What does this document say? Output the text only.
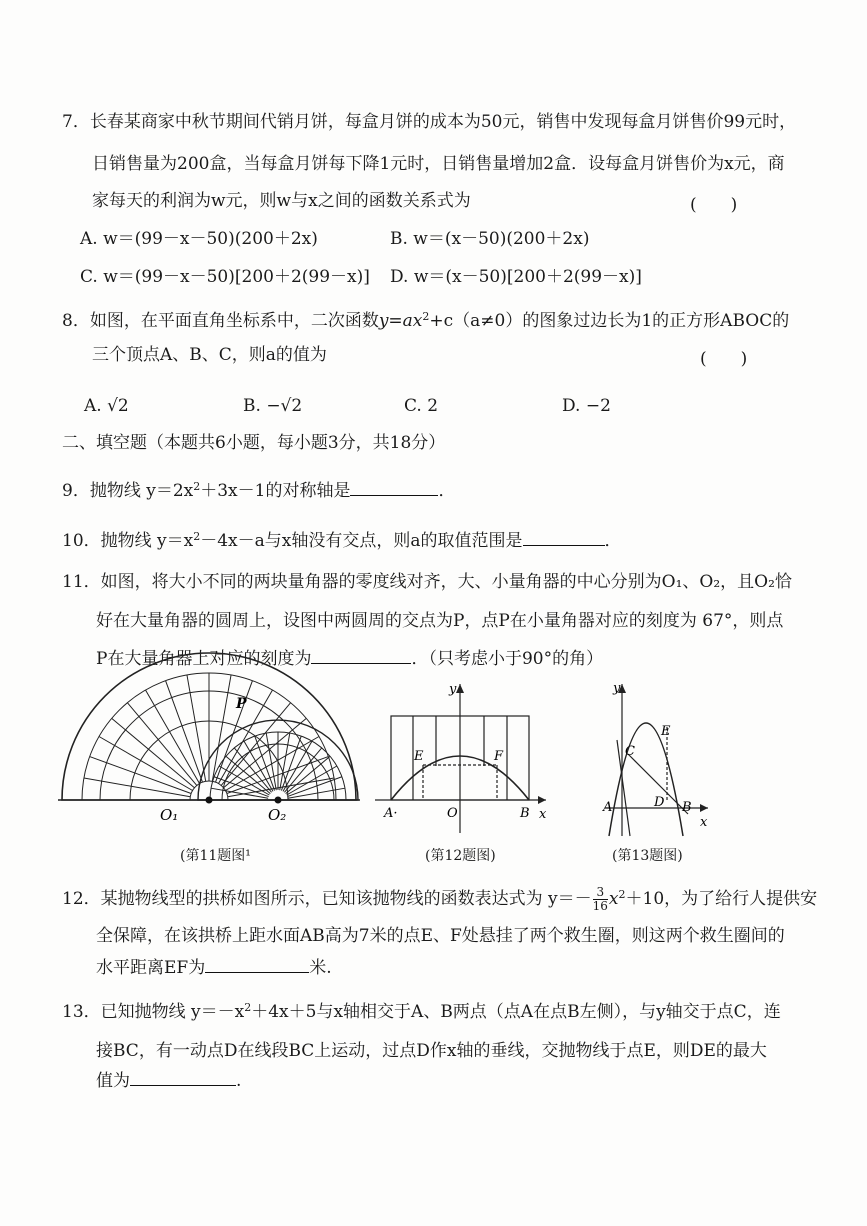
7．长春某商家中秋节期间代销月饼，每盒月饼的成本为50元，销售中发现每盒月饼售价99元时，
日销售量为200盒，当每盒月饼每下降1元时，日销售量增加2盒．设每盒月饼售价为x元，商
家每天的利润为w元，则w与x之间的函数关系式为	(　　)
A. w＝(99－x－50)(200＋2x)	B. w＝(x－50)(200＋2x)
C. w＝(99－x－50)[200＋2(99－x)] D. w＝(x－50)[200＋2(99－x)]
8．如图，在平面直角坐标系中，二次函数$y=ax^2+c(a\ne 0)$的图象过边长为1的正方形ABOC的
三个顶点A、B、C，则a的值为	(　　)
A. √2	B. −√2	C. 2	D. −2
二、填空题（本题共6小题，每小题3分，共18分）
9．抛物线 $y=2x^2+3x-1$的对称轴是	．
10．抛物线 $y=x^2-4x-a$与x轴没有交点，则a的取值范围是	．
11．如图，将大小不同的两块量角器的零度线对齐，大、小量角器的中心分别为O₁、O₂，且O₂恰
好在大量角器的圆周上，设图中两圆周的交点为P，点P在小量角器对应的刻度为 67°，则点
P在大量角器上对应的刻度为	．（只考虑小于90°的角）
O₁	O₂
P
y
x
E	F
O
A·	B
y
x
A	B
C
D
E
(第11题图¹	(第12题图)	(第13题图)
12．某抛物线型的拱桥如图所示，已知该抛物线的函数表达式为 $y=- \frac{3}{16} x^2+10$，为了给行人提供安
全保障，在该拱桥上距水面AB高为7米的点E、F处悬挂了两个救生圈，则这两个救生圈间的
水平距离EF为	米.
13．已知抛物线 $y=-x^2+4x+5$与x轴相交于A、B两点（点A在点B左侧），与y轴交于点C，连
接BC，有一动点D在线段BC上运动，过点D作x轴的垂线，交抛物线于点E，则DE的最大
值为	.
